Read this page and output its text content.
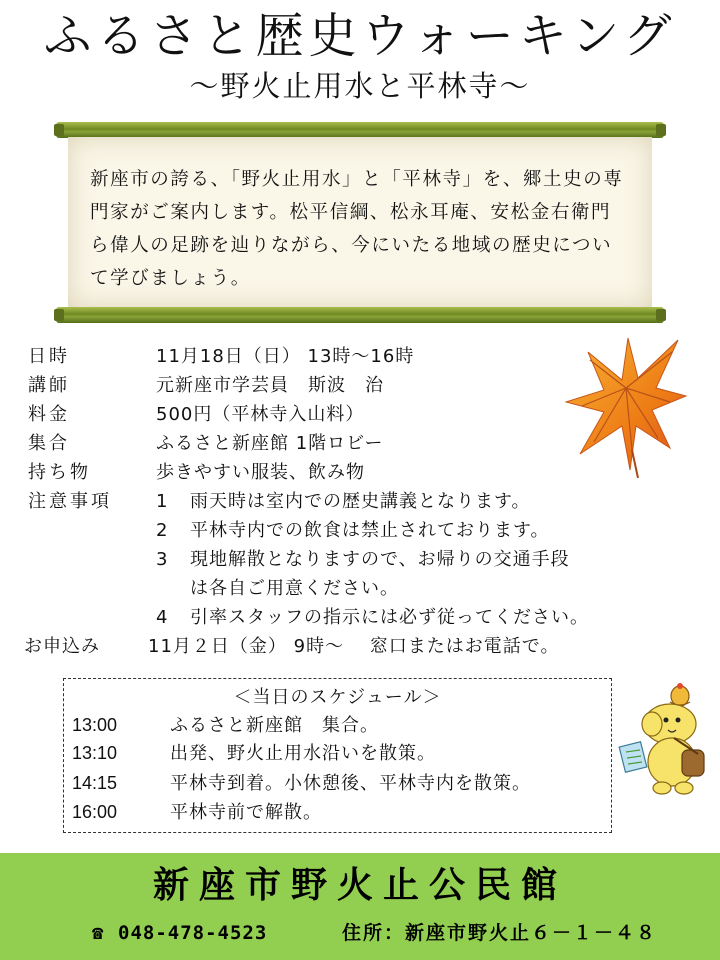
ふるさと歴史ウォーキング
～野火止用水と平林寺～

新座市の誇る、「野火止用水」と「平林寺」を、郷土史の専門家がご案内します。松平信綱、松永耳庵、安松金右衛門ら偉人の足跡を辿りながら、今にいたる地域の歴史について学びましょう。

日時	11月18日（日） 13時～16時
講師	元新座市学芸員　斯波　治
料金	500円（平林寺入山料）
集合	ふるさと新座館 1階ロビー
持ち物	歩きやすい服装、飲み物
注意事項 1 雨天時は室内での歴史講義となります。
2 平林寺内での飲食は禁止されております。
3 現地解散となりますので、お帰りの交通手段
は各自ご用意ください。
4 引率スタッフの指示には必ず従ってください。
お申込み	11月２日（金） 9時～　 窓口またはお電話で。
＜当日のスケジュール＞
13:00	ふるさと新座館　集合。
13:10	出発、野火止用水沿いを散策。
14:15	平林寺到着。小休憩後、平林寺内を散策。
16:00	平林寺前で解散。
新座市野火止公民館
☎ 048-478-4523	住所：新座市野火止６－１－４８
